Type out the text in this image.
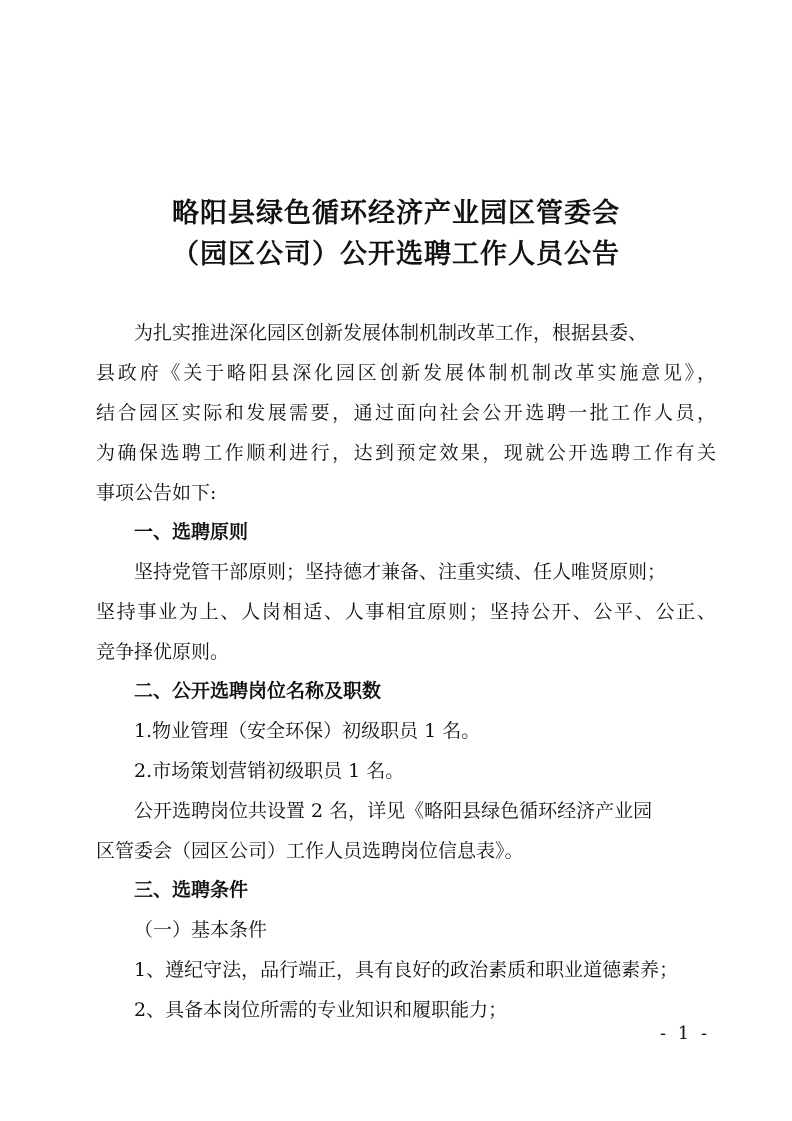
略阳县绿色循环经济产业园区管委会
（园区公司）公开选聘工作人员公告

为扎实推进深化园区创新发展体制机制改革工作，根据县委、

县政府《关于略阳县深化园区创新发展体制机制改革实施意见》，

结合园区实际和发展需要，通过面向社会公开选聘一批工作人员，

为确保选聘工作顺利进行，达到预定效果，现就公开选聘工作有关

事项公告如下:

一、选聘原则

坚持党管干部原则；坚持德才兼备、注重实绩、任人唯贤原则；

坚持事业为上、人岗相适、人事相宜原则；坚持公开、公平、公正、

竞争择优原则。

二、公开选聘岗位名称及职数

1.物业管理（安全环保）初级职员 1 名。

2.市场策划营销初级职员 1 名。

公开选聘岗位共设置 2 名，详见《略阳县绿色循环经济产业园

区管委会（园区公司）工作人员选聘岗位信息表》。

三、选聘条件

（一）基本条件

1、遵纪守法，品行端正，具有良好的政治素质和职业道德素养；

2、具备本岗位所需的专业知识和履职能力；

- 1 -
